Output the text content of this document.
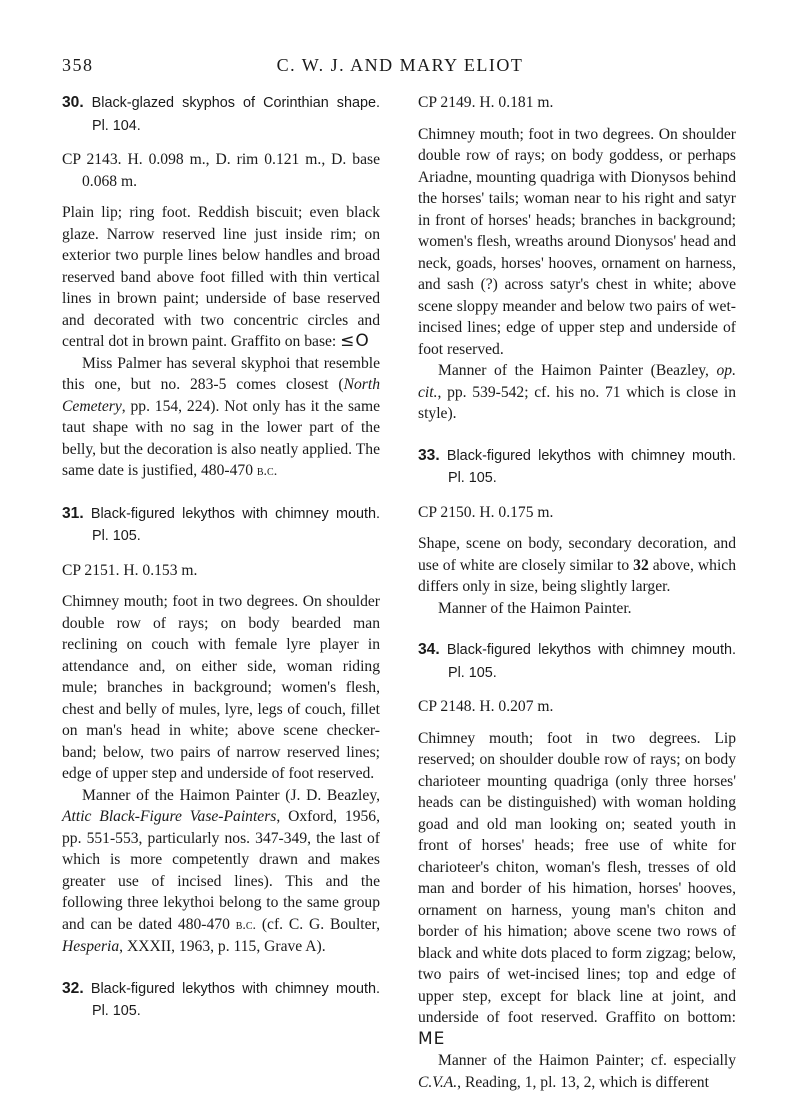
358	C. W. J. AND MARY ELIOT

30. Black-glazed skyphos of Corinthian shape. Pl. 104.

CP 2143. H. 0.098 m., D. rim 0.121 m., D. base 0.068 m.

Plain lip; ring foot. Reddish biscuit; even black glaze. Narrow reserved line just inside rim; on exterior two purple lines below handles and broad reserved band above foot filled with thin vertical lines in brown paint; underside of base reserved and decorated with two concentric circles and central dot in brown paint. Graffito on base: ≤O

Miss Palmer has several skyphoi that resemble this one, but no. 283-5 comes closest (North Cemetery, pp. 154, 224). Not only has it the same taut shape with no sag in the lower part of the belly, but the decoration is also neatly applied. The same date is justified, 480-470 b.c.

31. Black-figured lekythos with chimney mouth. Pl. 105.

CP 2151. H. 0.153 m.

Chimney mouth; foot in two degrees. On shoulder double row of rays; on body bearded man reclining on couch with female lyre player in attendance and, on either side, woman riding mule; branches in background; women's flesh, chest and belly of mules, lyre, legs of couch, fillet on man's head in white; above scene checker-band; below, two pairs of narrow reserved lines; edge of upper step and underside of foot reserved.

Manner of the Haimon Painter (J. D. Beazley, Attic Black-Figure Vase-Painters, Oxford, 1956, pp. 551-553, particularly nos. 347-349, the last of which is more competently drawn and makes greater use of incised lines). This and the following three lekythoi belong to the same group and can be dated 480-470 b.c. (cf. C. G. Boulter, Hesperia, XXXII, 1963, p. 115, Grave A).

32. Black-figured lekythos with chimney mouth. Pl. 105.

CP 2149. H. 0.181 m.

Chimney mouth; foot in two degrees. On shoulder double row of rays; on body goddess, or perhaps Ariadne, mounting quadriga with Dionysos behind the horses' tails; woman near to his right and satyr in front of horses' heads; branches in background; women's flesh, wreaths around Dionysos' head and neck, goads, horses' hooves, ornament on harness, and sash (?) across satyr's chest in white; above scene sloppy meander and below two pairs of wet-incised lines; edge of upper step and underside of foot reserved.

Manner of the Haimon Painter (Beazley, op. cit., pp. 539-542; cf. his no. 71 which is close in style).

33. Black-figured lekythos with chimney mouth. Pl. 105.

CP 2150. H. 0.175 m.

Shape, scene on body, secondary decoration, and use of white are closely similar to 32 above, which differs only in size, being slightly larger.

Manner of the Haimon Painter.

34. Black-figured lekythos with chimney mouth. Pl. 105.

CP 2148. H. 0.207 m.

Chimney mouth; foot in two degrees. Lip reserved; on shoulder double row of rays; on body charioteer mounting quadriga (only three horses' heads can be distinguished) with woman holding goad and old man looking on; seated youth in front of horses' heads; free use of white for charioteer's chiton, woman's flesh, tresses of old man and border of his himation, horses' hooves, ornament on harness, young man's chiton and border of his himation; above scene two rows of black and white dots placed to form zigzag; below, two pairs of wet-incised lines; top and edge of upper step, except for black line at joint, and underside of foot reserved. Graffito on bottom: ME

Manner of the Haimon Painter; cf. especially C.V.A., Reading, 1, pl. 13, 2, which is different
